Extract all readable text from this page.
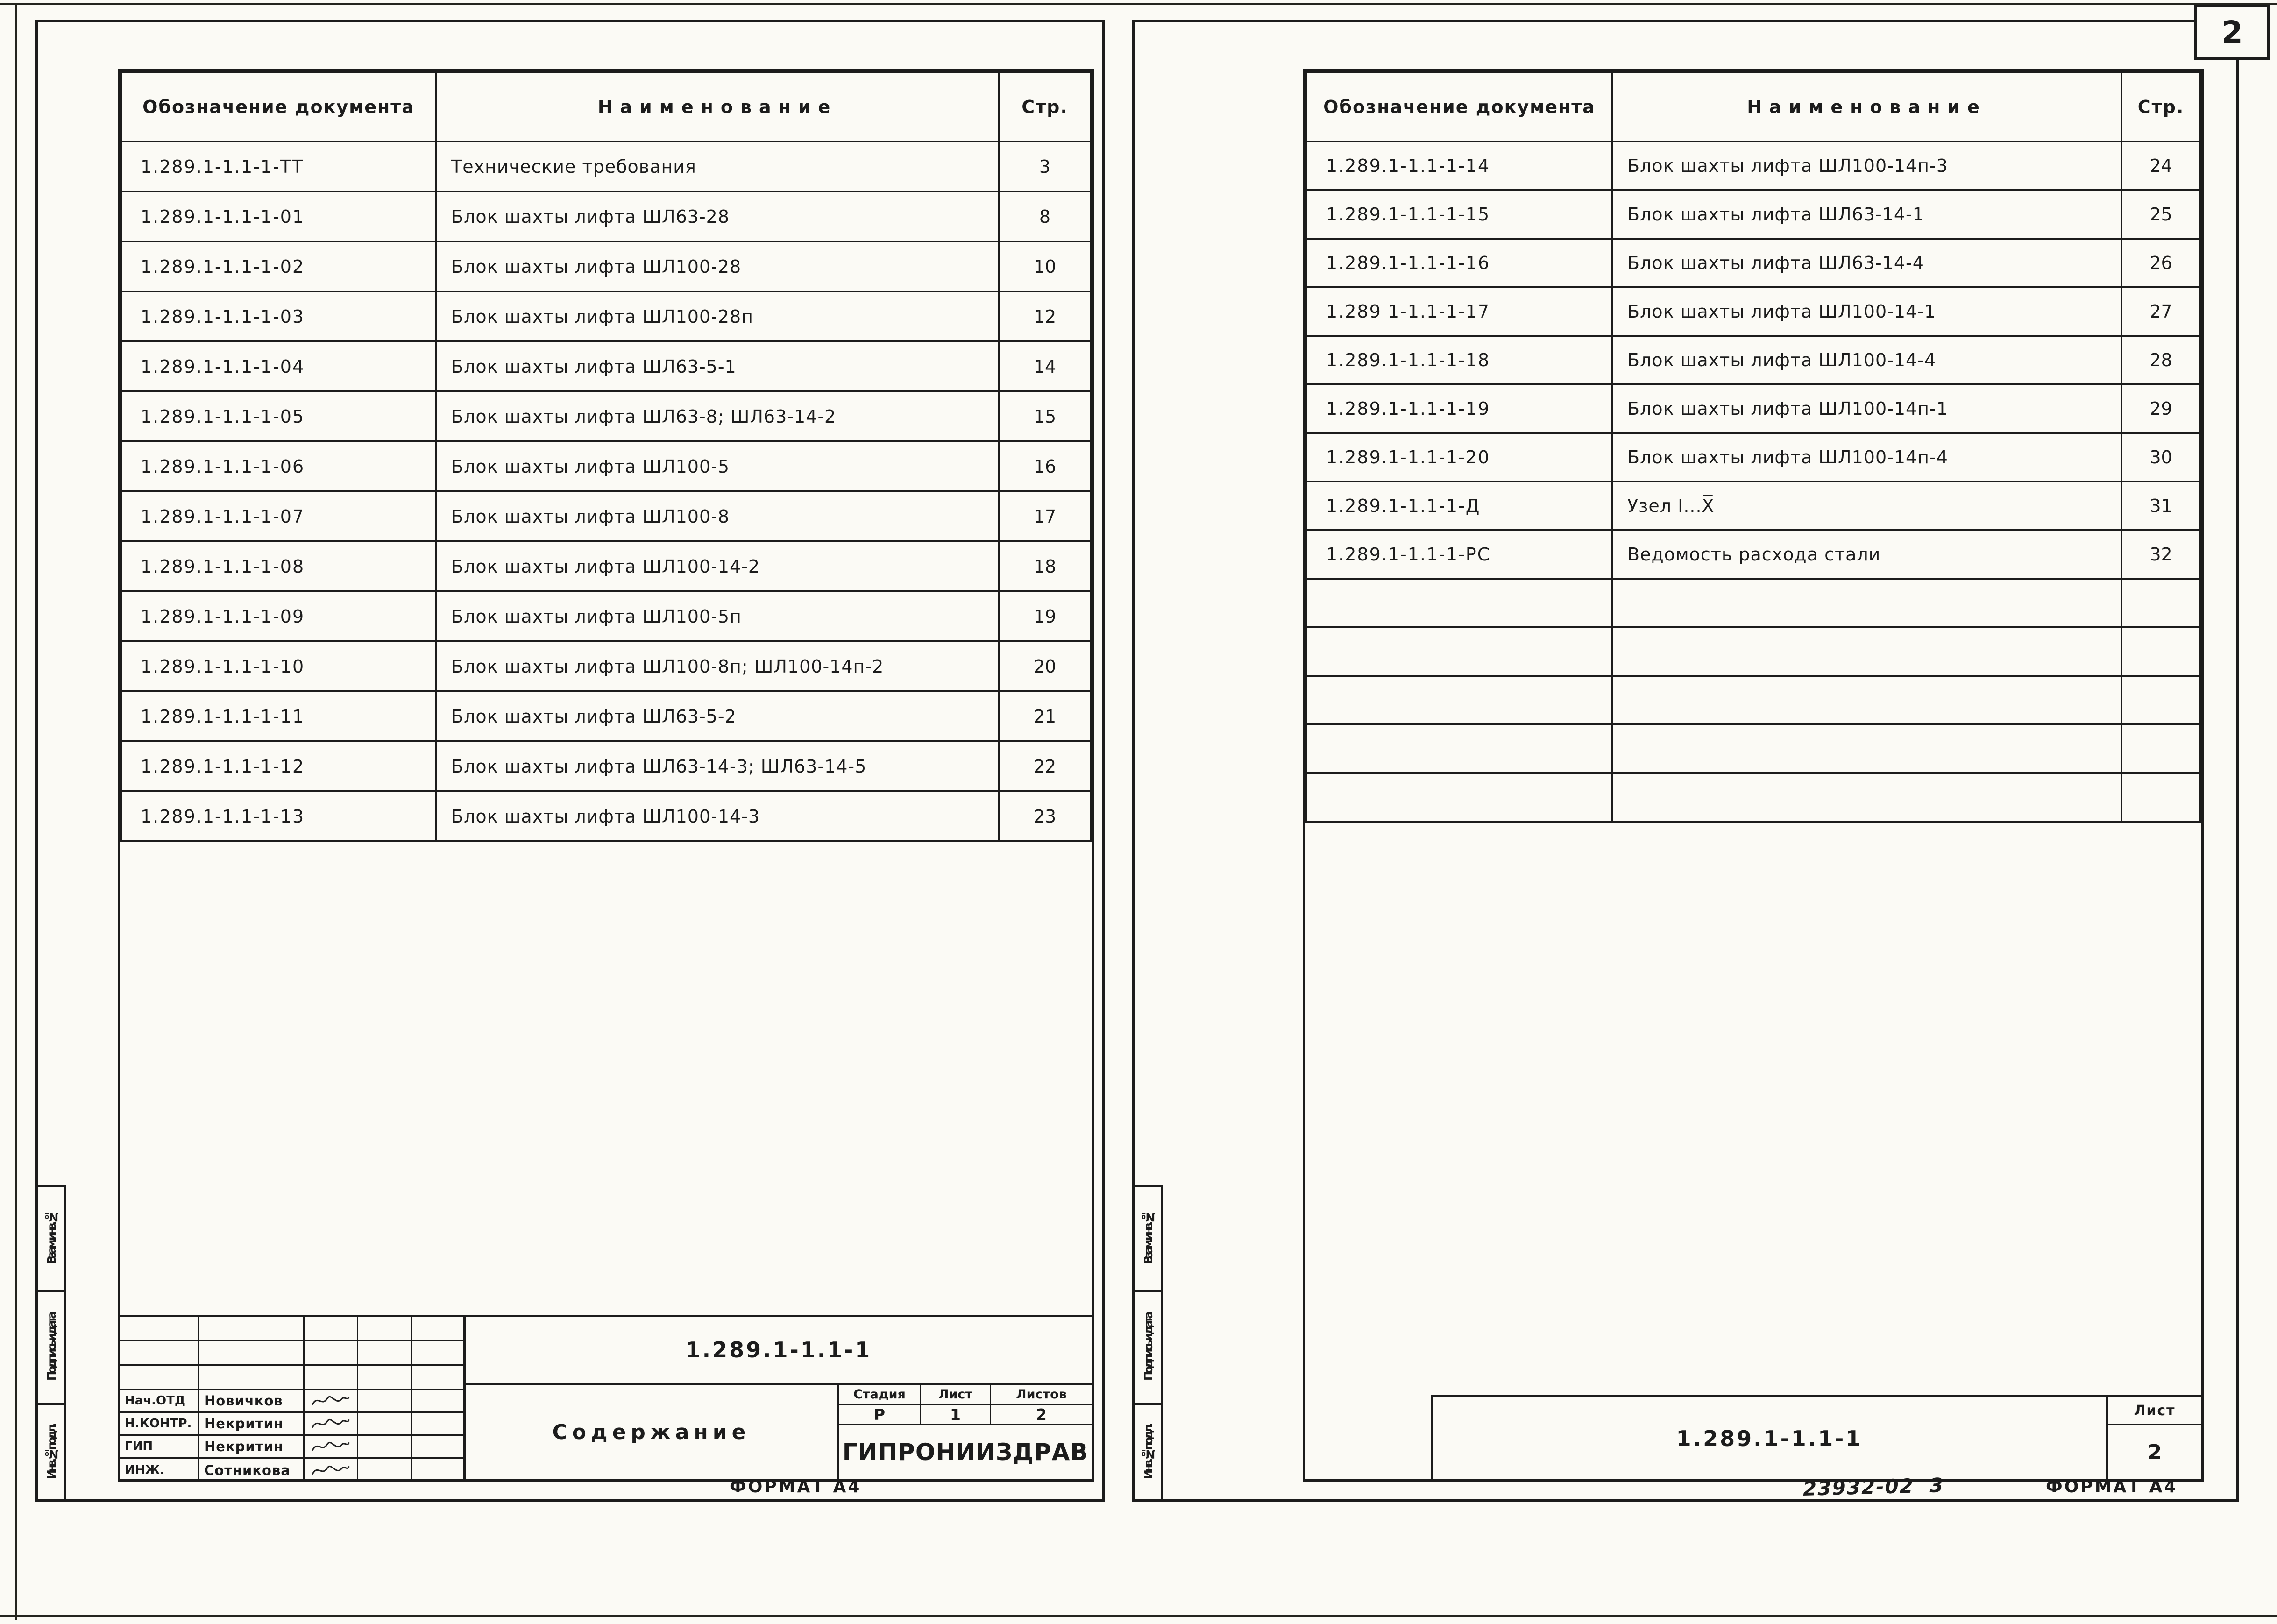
2
Взам.инв.№
Подпись и дата
Инв.№подл.
Обозначение документа	Наименование	Стр.
1.289.1-1.1-1-ТТ	Технические требования	3
1.289.1-1.1-1-01	Блок шахты лифта ШЛ63-28	8
1.289.1-1.1-1-02	Блок шахты лифта ШЛ100-28	10
1.289.1-1.1-1-03	Блок шахты лифта ШЛ100-28п	12
1.289.1-1.1-1-04	Блок шахты лифта ШЛ63-5-1	14
1.289.1-1.1-1-05	Блок шахты лифта ШЛ63-8; ШЛ63-14-2	15
1.289.1-1.1-1-06	Блок шахты лифта ШЛ100-5	16
1.289.1-1.1-1-07	Блок шахты лифта ШЛ100-8	17
1.289.1-1.1-1-08	Блок шахты лифта ШЛ100-14-2	18
1.289.1-1.1-1-09	Блок шахты лифта ШЛ100-5п	19
1.289.1-1.1-1-10	Блок шахты лифта ШЛ100-8п; ШЛ100-14п-2	20
1.289.1-1.1-1-11	Блок шахты лифта ШЛ63-5-2	21
1.289.1-1.1-1-12	Блок шахты лифта ШЛ63-14-3; ШЛ63-14-5	22
1.289.1-1.1-1-13	Блок шахты лифта ШЛ100-14-3	23
Нач.ОТД	Новичков
Н.КОНТР. Некритин
ГИП	Некритин
ИНЖ.	Сотникова
1.289.1-1.1-1
Содержание
Стадия	Лист	Листов
Р	1	2
ГИПРОНИИЗДРАВ
ФОРМАТ А4
Взам.инв.№
Подпись и дата
Инв.№подл.
Обозначение документа	Наименование	Стр.
1.289.1-1.1-1-14	Блок шахты лифта ШЛ100-14п-3	24
1.289.1-1.1-1-15	Блок шахты лифта ШЛ63-14-1	25
1.289.1-1.1-1-16	Блок шахты лифта ШЛ63-14-4	26
1.289 1-1.1-1-17	Блок шахты лифта ШЛ100-14-1	27
1.289.1-1.1-1-18	Блок шахты лифта ШЛ100-14-4	28
1.289.1-1.1-1-19	Блок шахты лифта ШЛ100-14п-1	29
1.289.1-1.1-1-20	Блок шахты лифта ШЛ100-14п-4	30
1.289.1-1.1-1-Д	Узел I...X̅	31
1.289.1-1.1-1-РС	Ведомость расхода стали	32

1.289.1-1.1-1
Лист
2
23932-02  3	ФОРМАТ А4
